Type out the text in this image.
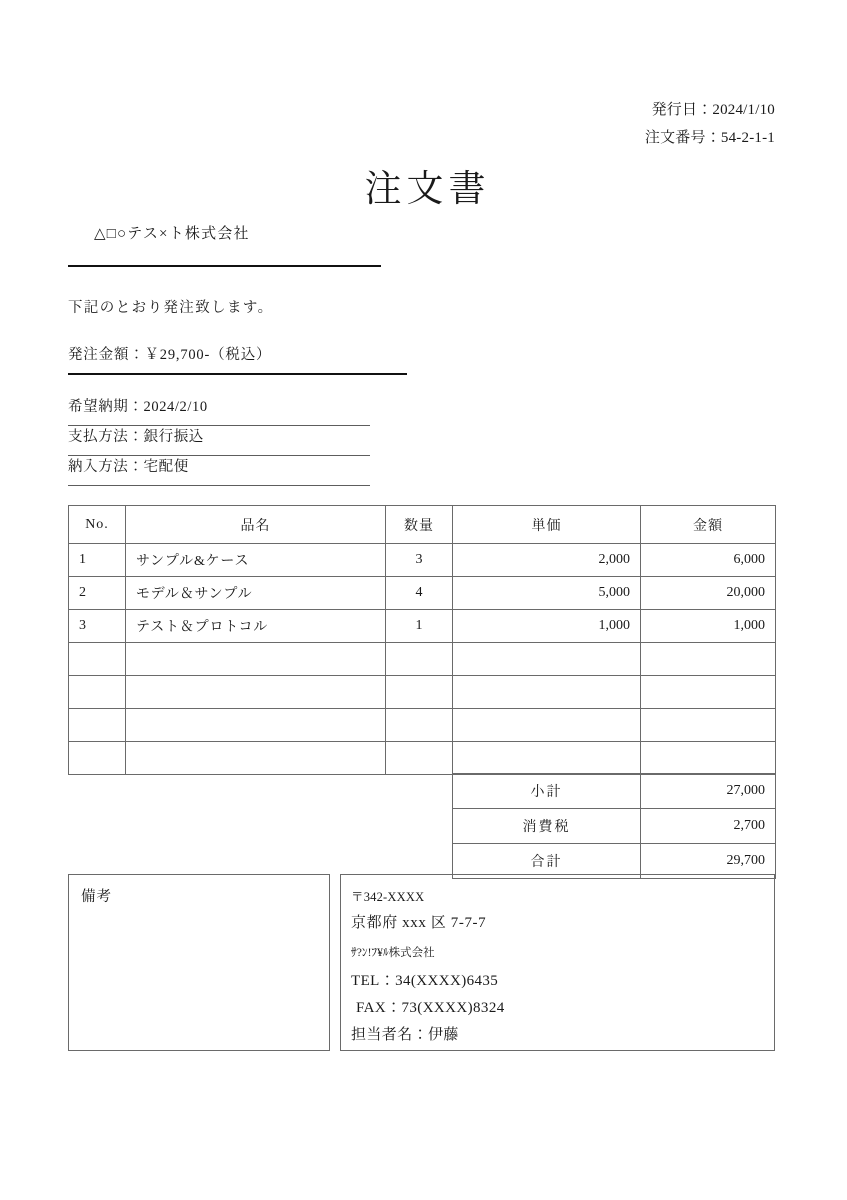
発行日：2024/1/10
注文番号：54-2-1-1
注文書
△□○テス×ト株式会社
下記のとおり発注致します。
発注金額：￥29,700-（税込）
希望納期：2024/2/10
支払方法：銀行振込
納入方法：宅配便
No.	品名	数量	単価	金額
1	サンプル&ケース	3	2,000	6,000
2	モデル＆サンプル	4	5,000	20,000
3	テスト＆プロトコル	1	1,000	1,000

小計	27,000
消費税	2,700
合計	29,700
備考	〒342-XXXX
京都府 xxx 区 7-7-7
ｻ?ﾝ!ﾌ¥ﾙ株式会社
TEL：34(XXXX)6435
FAX：73(XXXX)8324
担当者名：伊藤
